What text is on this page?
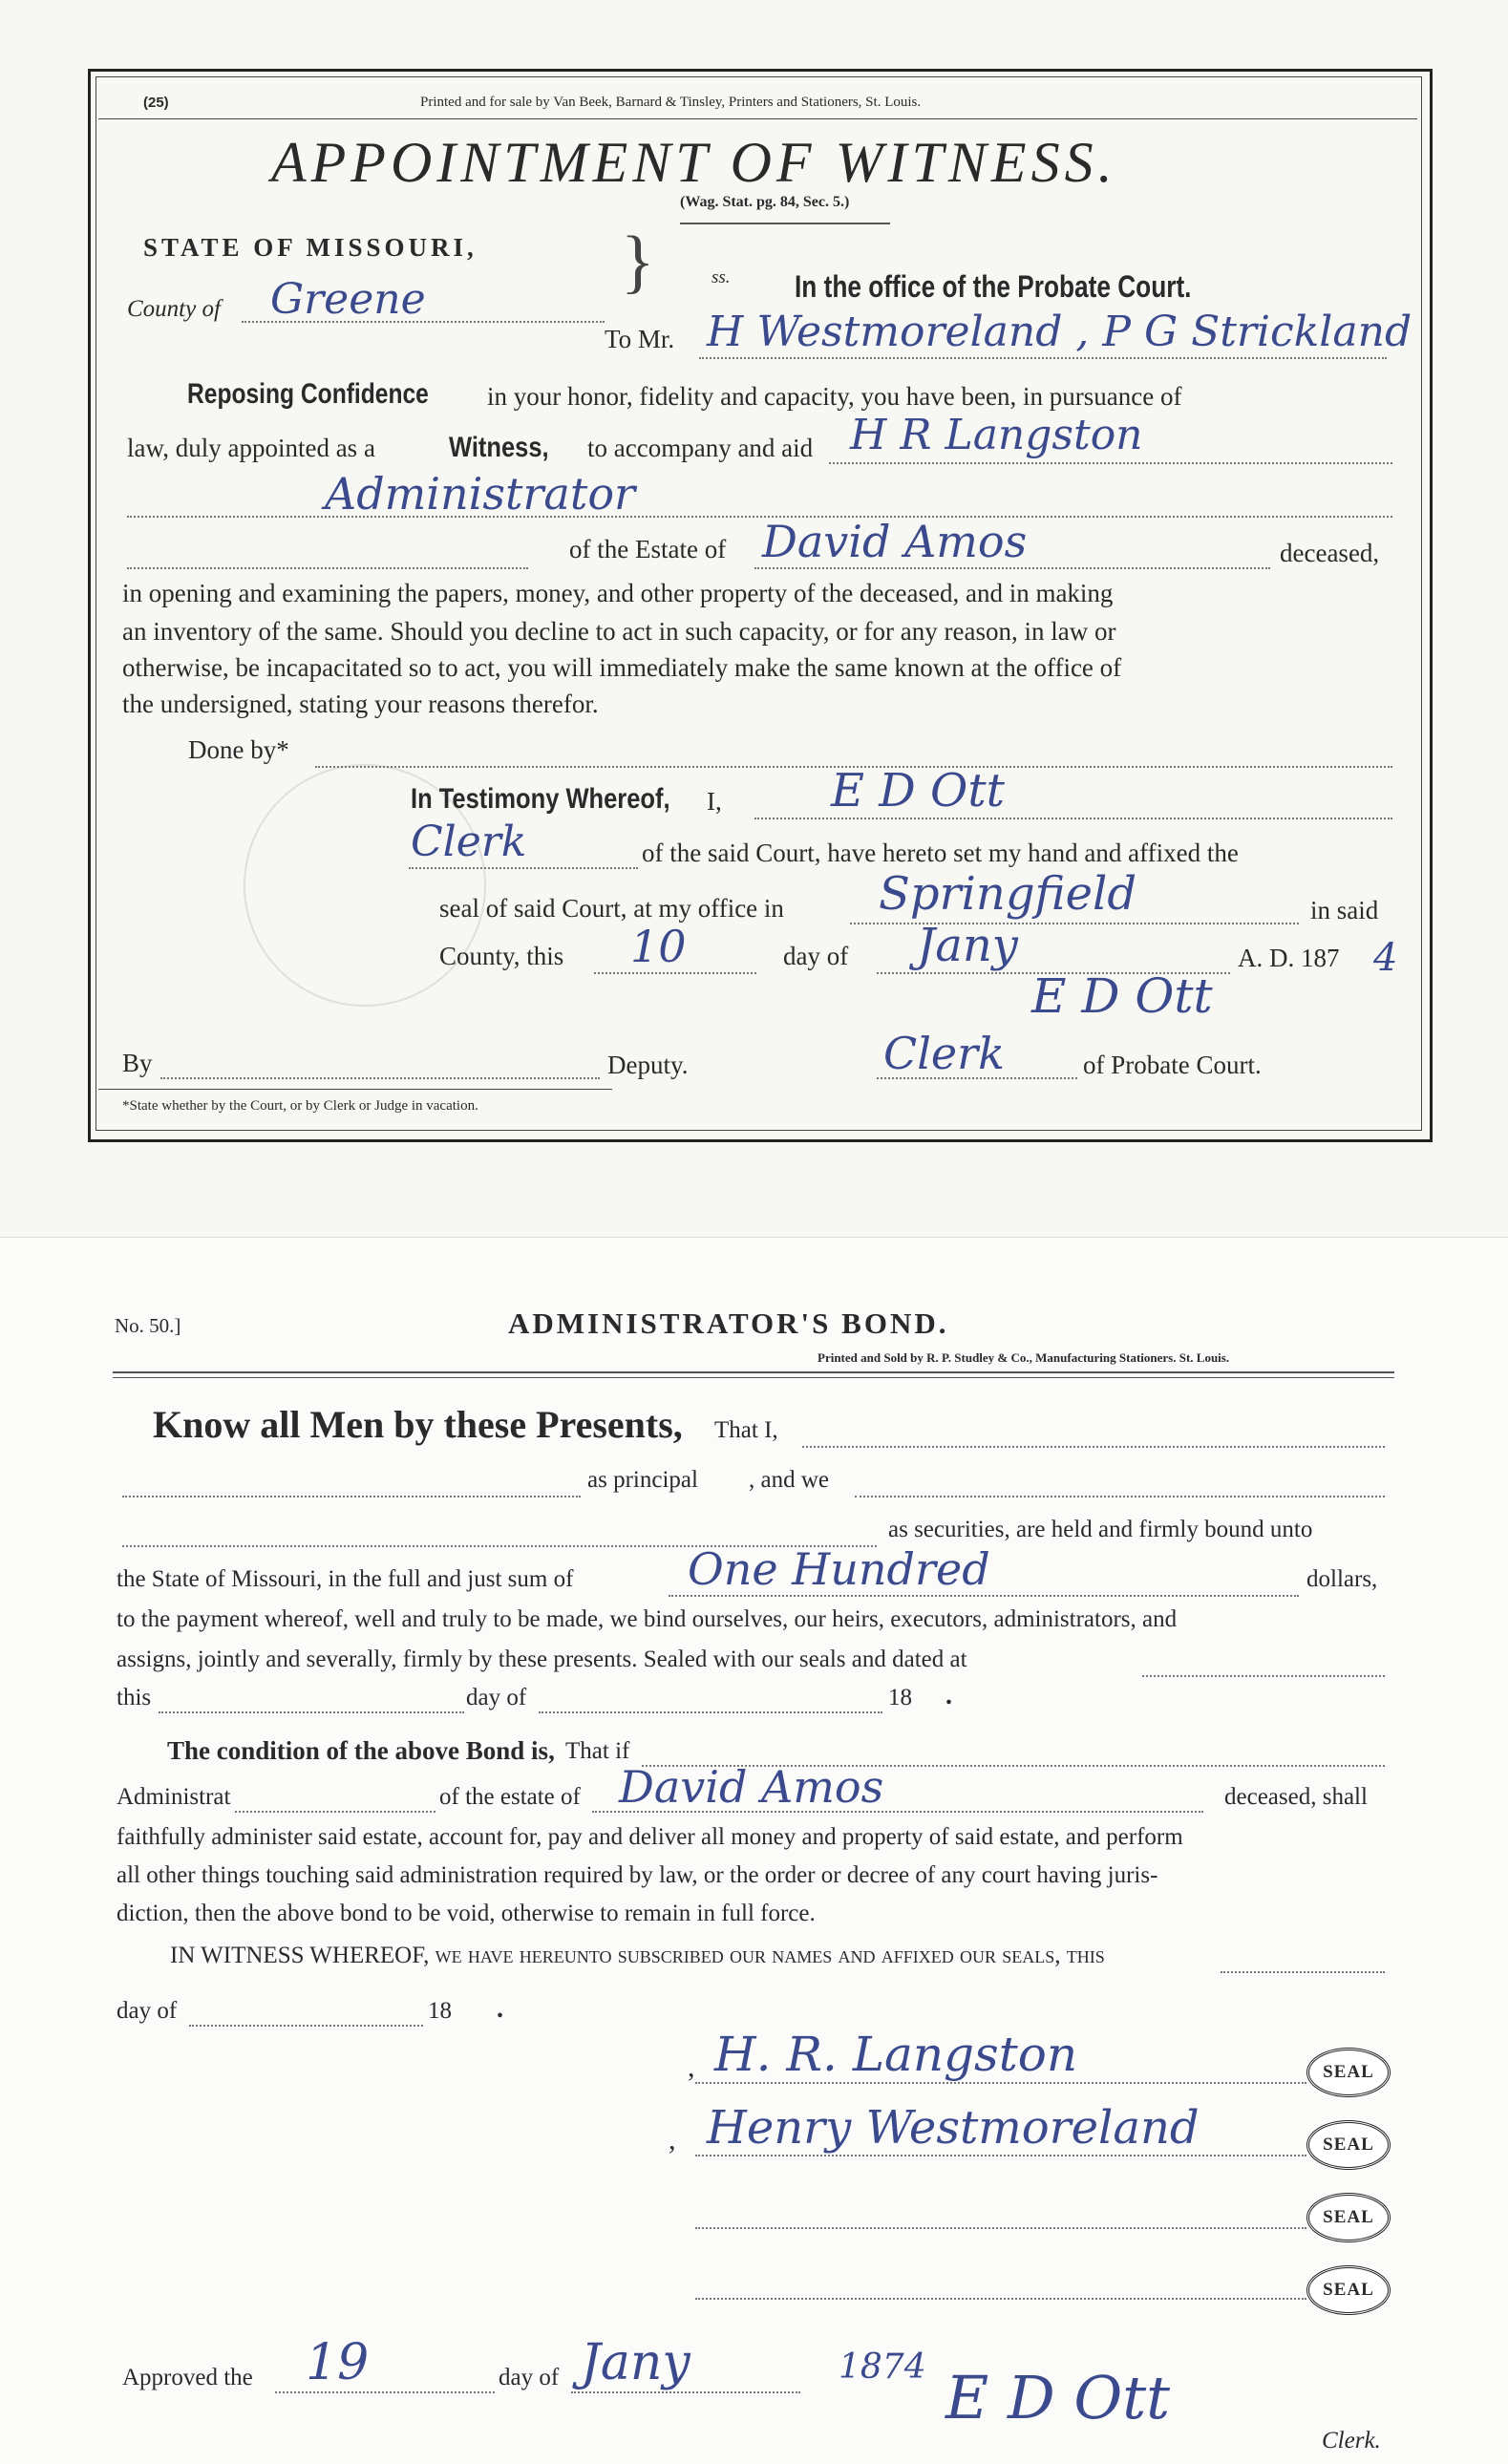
(25)	Printed and for sale by Van Beek, Barnard & Tinsley, Printers and Stationers, St. Louis.
APPOINTMENT OF WITNESS.
(Wag. Stat. pg. 84, Sec. 5.)
STATE OF MISSOURI, }
County of Greene	ss. In the office of the Probate Court.
To Mr. H Westmoreland , P G Strickland
Reposing Confidence in your honor, fidelity and capacity, you have been, in pursuance of
law, duly appointed as a	Witness, to accompany and aid H R Langston
Administrator
of the Estate of David Amos	deceased,
in opening and examining the papers, money, and other property of the deceased, and in making
an inventory of the same. Should you decline to act in such capacity, or for any reason, in law or
otherwise, be incapacitated so to act, you will immediately make the same known at the office of
the undersigned, stating your reasons therefor.
Done by*
In Testimony Whereof, I, E D Ott
Clerk	of the said Court, have hereto set my hand and affixed the
seal of said Court, at my office in Springfield	in said
County, this 10	day of Jany	A. D. 187 4
E D Ott
By	Deputy.	Clerk	of Probate Court.
*State whether by the Court, or by Clerk or Judge in vacation.
No. 50.]	ADMINISTRATOR'S BOND.
Printed and Sold by R. P. Studley & Co., Manufacturing Stationers. St. Louis.
Know all Men by these Presents, That I,
as principal , and we
as securities, are held and firmly bound unto
the State of Missouri, in the full and just sum of	One Hundred	dollars,
to the payment whereof, well and truly to be made, we bind ourselves, our heirs, executors, administrators, and
assigns, jointly and severally, firmly by these presents. Sealed with our seals and dated at
this	day of	18 .
The condition of the above Bond is, That if
Administrat	of the estate of David Amos	deceased, shall
faithfully administer said estate, account for, pay and deliver all money and property of said estate, and perform
all other things touching said administration required by law, or the order or decree of any court having juris-
diction, then the above bond to be void, otherwise to remain in full force.
IN WITNESS WHEREOF, we have hereunto subscribed our names and affixed our seals, this
day of	18 .
, H. R. Langston	SEAL
, Henry Westmoreland	SEAL
SEAL
SEAL
Approved the 19	day of Jany	1874 E D Ott
Clerk.
